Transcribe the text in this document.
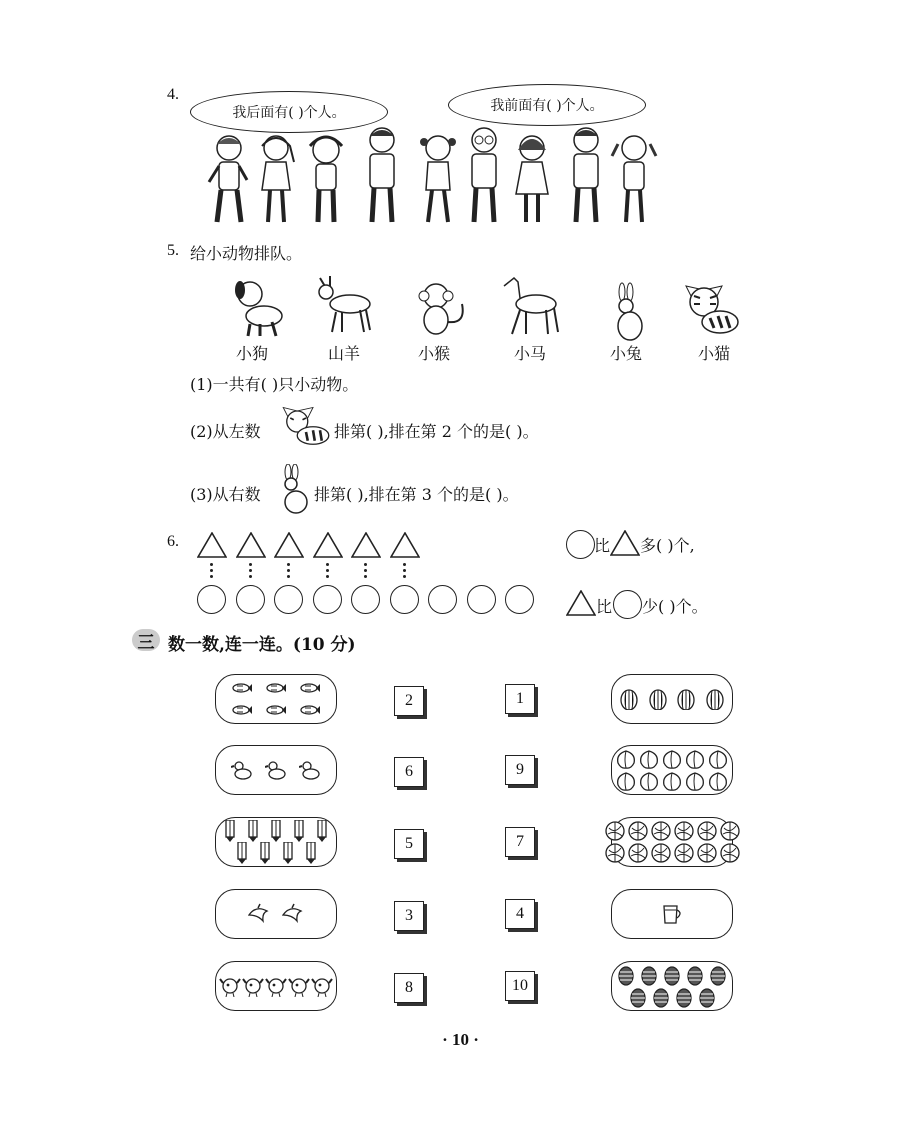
4.
我后面有( )个人。	我前面有( )个人。
5. 给小动物排队。
小狗	山羊	小猴	小马	小兔	小猫
(1)一共有( )只小动物。
(2)从左数	排第( ),排在第 2 个的是( )。
(3)从右数	排第( ),排在第 3 个的是( )。
6.	比 多( )个,
比 少( )个。
三 数一数,连一连。(10 分)
2	1
6	9
5	7
3	4
8	10
· 10 ·
